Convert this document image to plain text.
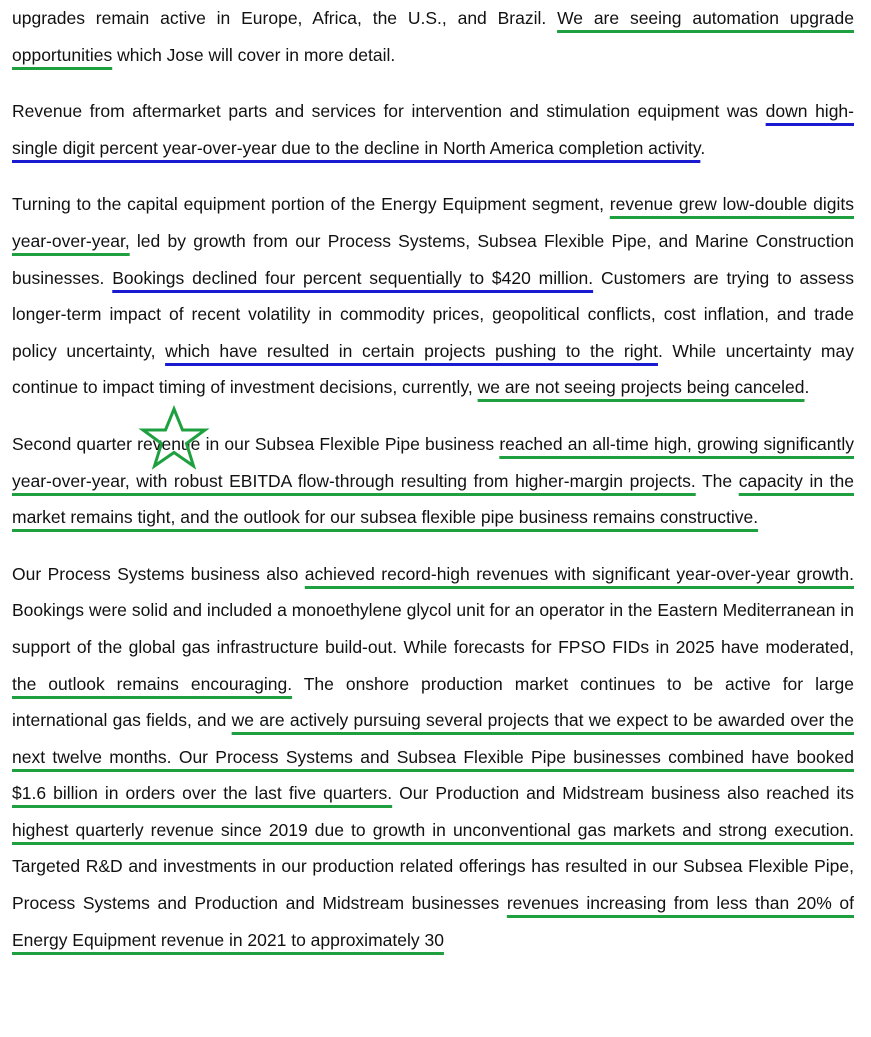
upgrades remain active in Europe, Africa, the U.S., and Brazil. We are seeing automation upgrade opportunities which Jose will cover in more detail.

Revenue from aftermarket parts and services for intervention and stimulation equipment was down high-single digit percent year-over-year due to the decline in North America completion activity.

Turning to the capital equipment portion of the Energy Equipment segment, revenue grew low-double digits year-over-year, led by growth from our Process Systems, Subsea Flexible Pipe, and Marine Construction businesses. Bookings declined four percent sequentially to $420 million. Customers are trying to assess longer-term impact of recent volatility in commodity prices, geopolitical conflicts, cost inflation, and trade policy uncertainty, which have resulted in certain projects pushing to the right. While uncertainty may continue to impact timing of investment decisions, currently, we are not seeing projects being canceled.

Second quarter revenue in our Subsea Flexible Pipe business reached an all-time high, growing significantly year-over-year, with robust EBITDA flow-through resulting from higher-margin projects. The capacity in the market remains tight, and the outlook for our subsea flexible pipe business remains constructive.

Our Process Systems business also achieved record-high revenues with significant year-over-year growth. Bookings were solid and included a monoethylene glycol unit for an operator in the Eastern Mediterranean in support of the global gas infrastructure build-out. While forecasts for FPSO FIDs in 2025 have moderated, the outlook remains encouraging. The onshore production market continues to be active for large international gas fields, and we are actively pursuing several projects that we expect to be awarded over the next twelve months. Our Process Systems and Subsea Flexible Pipe businesses combined have booked $1.6 billion in orders over the last five quarters. Our Production and Midstream business also reached its highest quarterly revenue since 2019 due to growth in unconventional gas markets and strong execution. Targeted R&D and investments in our production related offerings has resulted in our Subsea Flexible Pipe, Process Systems and Production and Midstream businesses revenues increasing from less than 20% of Energy Equipment revenue in 2021 to approximately 30
